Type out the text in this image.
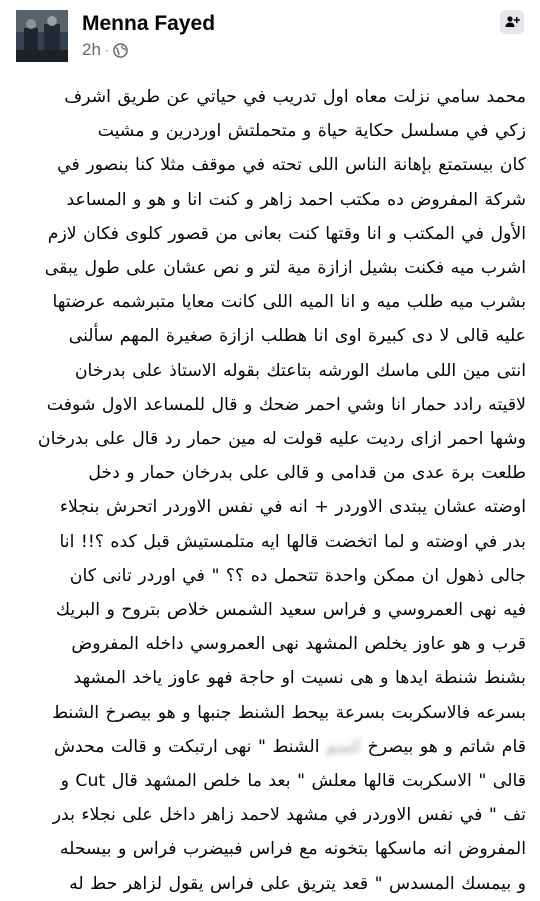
Menna Fayed
2h ·
محمد سامي نزلت معاه اول تدريب في حياتي عن طريق اشرف
زكي في مسلسل حكاية حياة و متحملتش اوردرين و مشيت
كان بيستمتع بإهانة الناس اللى تحته في موقف مثلا كنا بنصور في
شركة المفروض ده مكتب احمد زاهر و كنت انا و هو و المساعد
الأول في المكتب و انا وقتها كنت بعانى من قصور كلوى فكان لازم
اشرب ميه فكنت بشيل ازازة مية لتر و نص عشان على طول يبقى
بشرب ميه طلب ميه و انا الميه اللى كانت معايا متبرشمه عرضتها
عليه قالى لا دى كبيرة اوى انا هطلب ازازة صغيرة المهم سألنى
انتى مين اللى ماسك الورشه بتاعتك بقوله الاستاذ على بدرخان
لاقيته رادد حمار انا وشي احمر ضحك و قال للمساعد الاول شوفت
وشها احمر ازاى رديت عليه قولت له مين حمار رد قال على بدرخان
طلعت برة عدى من قدامى و قالى على بدرخان حمار و دخل
اوضته عشان يبتدى الاوردر + انه في نفس الاوردر اتحرش بنجلاء
بدر في اوضته و لما اتخضت قالها ايه متلمستيش قبل كده ؟!! انا
جالى ذهول ان ممكن واحدة تتحمل ده ؟؟ " في اوردر تانى كان
فيه نهى العمروسي و فراس سعيد الشمس خلاص بتروح و البريك
قرب و هو عاوز يخلص المشهد نهى العمروسي داخله المفروض
بشنط شنطة ايدها و هى نسيت او حاجة فهو عاوز ياخد المشهد
بسرعه فالاسكربت بسرعة بيحط الشنط جنبها و هو بيصرخ الشنط
قام شاتم و هو بيصرخ كسم الشنط " نهى ارتبكت و قالت محدش
قالى " الاسكربت قالها معلش " بعد ما خلص المشهد قال Cut و
تف " في نفس الاوردر في مشهد لاحمد زاهر داخل على نجلاء بدر
المفروض انه ماسكها بتخونه مع فراس فبيضرب فراس و بيسحله
و بيمسك المسدس " قعد يتريق على فراس يقول لزاهر حط له
